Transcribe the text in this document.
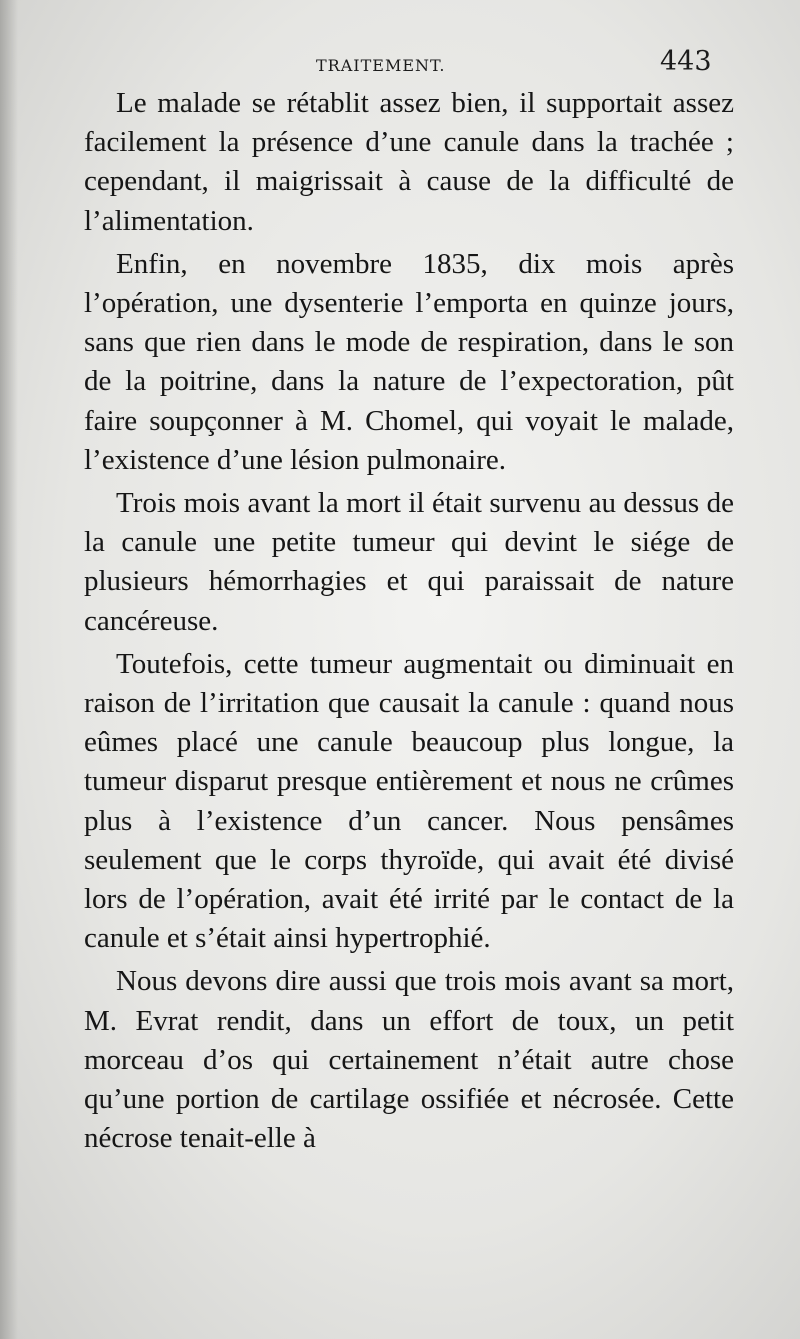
TRAITEMENT.	443

Le malade se rétablit assez bien, il supportait assez facilement la présence d’une canule dans la trachée ; cependant, il maigrissait à cause de la difficulté de l’alimentation.

Enfin, en novembre 1835, dix mois après l’opération, une dysenterie l’emporta en quinze jours, sans que rien dans le mode de respiration, dans le son de la poitrine, dans la nature de l’expectoration, pût faire soupçonner à M. Chomel, qui voyait le malade, l’existence d’une lésion pulmonaire.

Trois mois avant la mort il était survenu au dessus de la canule une petite tumeur qui devint le siége de plusieurs hémorrhagies et qui paraissait de nature cancéreuse.

Toutefois, cette tumeur augmentait ou diminuait en raison de l’irritation que causait la canule : quand nous eûmes placé une canule beaucoup plus longue, la tumeur disparut presque entièrement et nous ne crûmes plus à l’existence d’un cancer. Nous pensâmes seulement que le corps thyroïde, qui avait été divisé lors de l’opération, avait été irrité par le contact de la canule et s’était ainsi hypertrophié.

Nous devons dire aussi que trois mois avant sa mort, M. Evrat rendit, dans un effort de toux, un petit morceau d’os qui certainement n’était autre chose qu’une portion de cartilage ossifiée et nécrosée. Cette nécrose tenait-elle à
